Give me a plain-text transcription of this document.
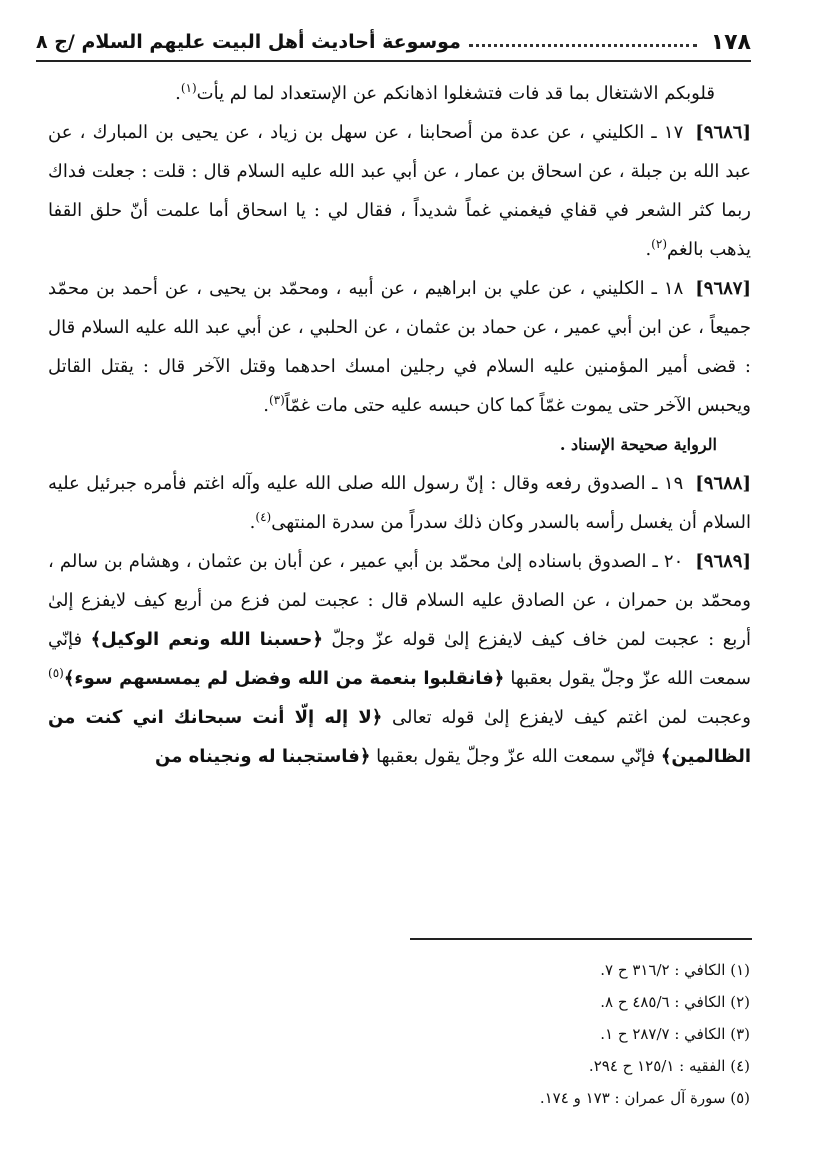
١٧٨
موسوعة أحاديث أهل البيت عليهم السلام /ج ٨

قلوبكم الاشتغال بما قد فات فتشغلوا اذهانكم عن الإستعداد لما لم يأت$^{(١)}$.

[٩٦٨٦]١٧ ـ الكليني ، عن عدة من أصحابنا ، عن سهل بن زياد ، عن يحيى بن المبارك ، عن عبد الله بن جبلة ، عن اسحاق بن عمار ، عن أبي عبد الله عليه السلام قال : قلت : جعلت فداك ربما كثر الشعر في قفاي فيغمني غماً شديداً ، فقال لي : يا اسحاق أما علمت أنّ حلق القفا يذهب بالغم$^{(٢)}$.

[٩٦٨٧]١٨ ـ الكليني ، عن علي بن ابراهيم ، عن أبيه ، ومحمّد بن يحيى ، عن أحمد بن محمّد جميعاً ، عن ابن أبي عمير ، عن حماد بن عثمان ، عن الحلبي ، عن أبي عبد الله عليه السلام قال : قضى أمير المؤمنين عليه السلام في رجلين امسك احدهما وقتل الآخر قال : يقتل القاتل ويحبس الآخر حتى يموت غمّاً كما كان حبسه عليه حتى مات غمّاً$^{(٣)}$.

الرواية صحيحة الإسناد .

[٩٦٨٨]١٩ ـ الصدوق رفعه وقال : إنّ رسول الله صلى الله عليه وآله اغتم فأمره جبرئيل عليه السلام أن يغسل رأسه بالسدر وكان ذلك سدراً من سدرة المنتهى$^{(٤)}$.

[٩٦٨٩]٢٠ ـ الصدوق باسناده إلىٰ محمّد بن أبي عمير ، عن أبان بن عثمان ، وهشام بن سالم ، ومحمّد بن حمران ، عن الصادق عليه السلام قال : عجبت لمن فزع من أربع كيف لايفزع إلىٰ أربع : عجبت لمن خاف كيف لايفزع إلىٰ قوله عزّ وجلّ ﴿حسبنا الله ونعم الوكيل﴾ فإنّي سمعت الله عزّ وجلّ يقول بعقبها ﴿فانقلبوا بنعمة من الله وفضل لم يمسسهم سوء﴾$^{(٥)}$ وعجبت لمن اغتم كيف لايفزع إلىٰ قوله تعالى ﴿لا إله إلّا أنت سبحانك اني كنت من الظالمين﴾ فإنّي سمعت الله عزّ وجلّ يقول بعقبها ﴿فاستجبنا له ونجيناه من

(١) الكافي : ٣١٦/٢ ح ٧.

(٢) الكافي : ٤٨٥/٦ ح ٨.

(٣) الكافي : ٢٨٧/٧ ح ١.

(٤) الفقيه : ١٢٥/١ ح ٢٩٤.

(٥) سورة آل عمران : ١٧٣ و ١٧٤.
